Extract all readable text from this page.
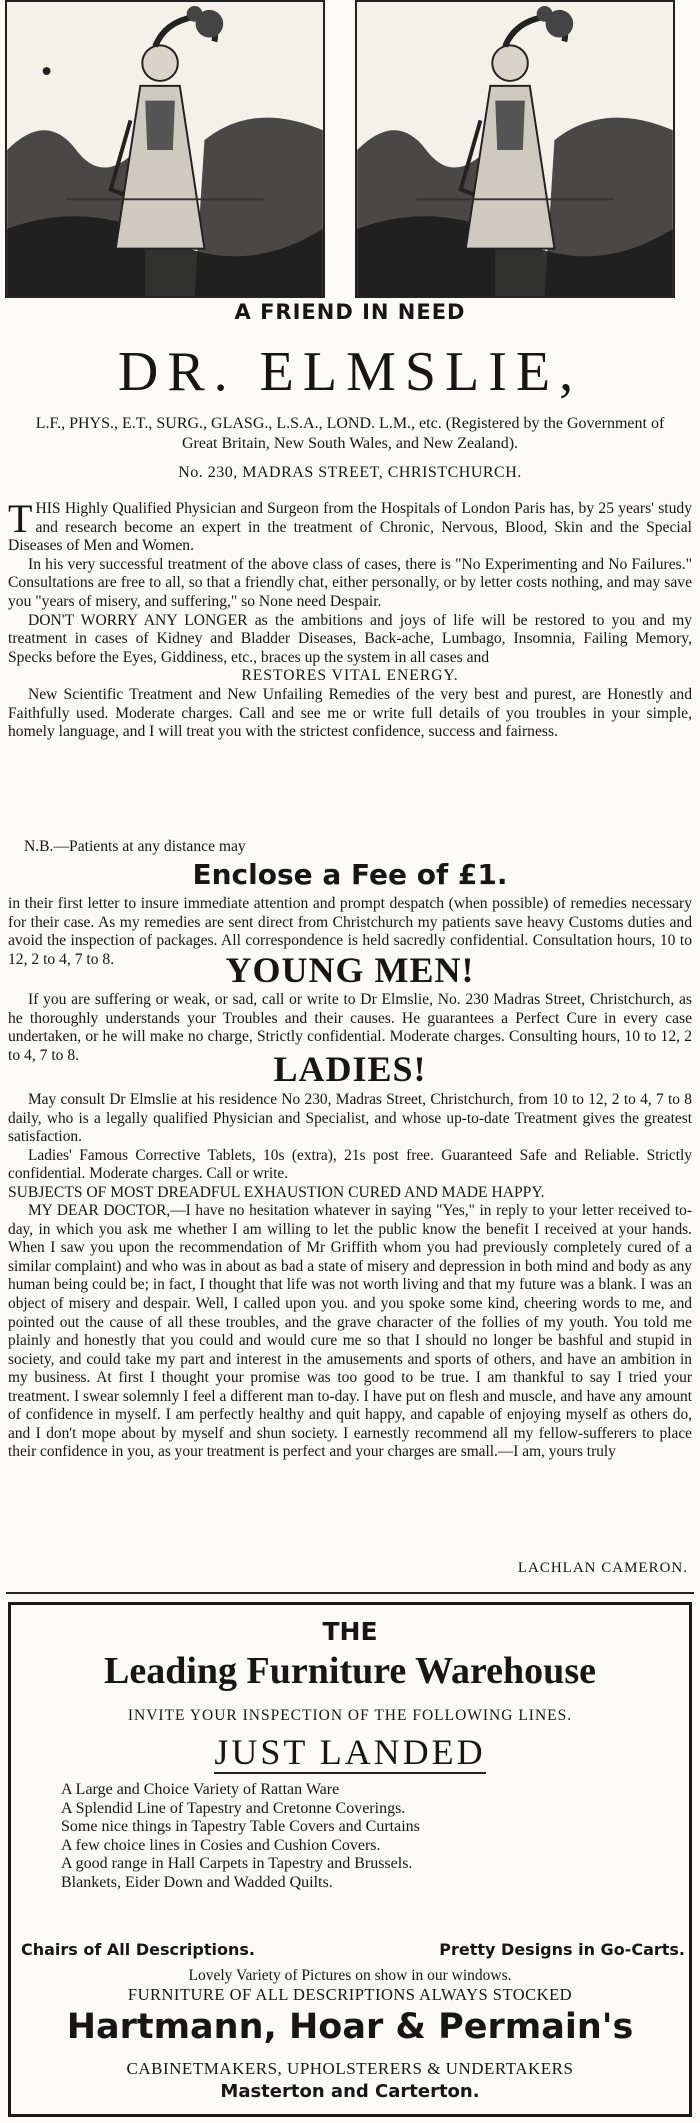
A FRIEND IN NEED
DR. ELMSLIE,
L.F., PHYS., E.T., SURG., GLASG., L.S.A., LOND. L.M., etc. (Registered by the Government of Great Britain, New South Wales, and New Zealand).
No. 230, MADRAS STREET, CHRISTCHURCH.

THIS Highly Qualified Physician and Surgeon from the Hospitals of London Paris has, by 25 years' study and research become an expert in the treatment of Chronic, Nervous, Blood, Skin and the Special Diseases of Men and Women.

In his very successful treatment of the above class of cases, there is "No Experimenting and No Failures." Consultations are free to all, so that a friendly chat, either personally, or by letter costs nothing, and may save you "years of misery, and suffering," so None need Despair.

DON'T WORRY ANY LONGER as the ambitions and joys of life will be restored to you and my treatment in cases of Kidney and Bladder Diseases, Back-ache, Lumbago, Insomnia, Failing Memory, Specks before the Eyes, Giddiness, etc., braces up the system in all cases and

RESTORES VITAL ENERGY.

New Scientific Treatment and New Unfailing Remedies of the very best and purest, are Honestly and Faithfully used. Moderate charges. Call and see me or write full details of you troubles in your simple, homely language, and I will treat you with the strictest confidence, success and fairness.

N.B.—Patients at any distance may
Enclose a Fee of £1.

in their first letter to insure immediate attention and prompt despatch (when possible) of remedies necessary for their case. As my remedies are sent direct from Christchurch my patients save heavy Customs duties and avoid the inspection of packages. All correspondence is held sacredly confidential. Consultation hours, 10 to 12, 2 to 4, 7 to 8.	YOUNG MEN!

If you are suffering or weak, or sad, call or write to Dr Elmslie, No. 230 Madras Street, Christchurch, as he thoroughly understands your Troubles and their causes. He guarantees a Perfect Cure in every case undertaken, or he will make no charge, Strictly confidential. Moderate charges. Consulting hours, 10 to 12, 2 to 4, 7 to 8.	LADIES!

May consult Dr Elmslie at his residence No 230, Madras Street, Christchurch, from 10 to 12, 2 to 4, 7 to 8 daily, who is a legally qualified Physician and Specialist, and whose up-to-date Treatment gives the greatest satisfaction.

Ladies' Famous Corrective Tablets, 10s (extra), 21s post free. Guaranteed Safe and Reliable. Strictly confidential. Moderate charges. Call or write.

SUBJECTS OF MOST DREADFUL EXHAUSTION CURED AND MADE HAPPY.

MY DEAR DOCTOR,—I have no hesitation whatever in saying "Yes," in reply to your letter received to-day, in which you ask me whether I am willing to let the public know the benefit I received at your hands. When I saw you upon the recommendation of Mr Griffith whom you had previously completely cured of a similar complaint) and who was in about as bad a state of misery and depression in both mind and body as any human being could be; in fact, I thought that life was not worth living and that my future was a blank. I was an object of misery and despair. Well, I called upon you. and you spoke some kind, cheering words to me, and pointed out the cause of all these troubles, and the grave character of the follies of my youth. You told me plainly and honestly that you could and would cure me so that I should no longer be bashful and stupid in society, and could take my part and interest in the amusements and sports of others, and have an ambition in my business. At first I thought your promise was too good to be true. I am thankful to say I tried your treatment. I swear solemnly I feel a different man to-day. I have put on flesh and muscle, and have any amount of confidence in myself. I am perfectly healthy and quit happy, and capable of enjoying myself as others do, and I don't mope about by myself and shun society. I earnestly recommend all my fellow-sufferers to place their confidence in you, as your treatment is perfect and your charges are small.—I am, yours truly

LACHLAN CAMERON.
THE
Leading Furniture Warehouse
INVITE YOUR INSPECTION OF THE FOLLOWING LINES.
JUST LANDED
A Large and Choice Variety of Rattan Ware
A Splendid Line of Tapestry and Cretonne Coverings.
Some nice things in Tapestry Table Covers and Curtains
A few choice lines in Cosies and Cushion Covers.
A good range in Hall Carpets in Tapestry and Brussels.
Blankets, Eider Down and Wadded Quilts.
Chairs of All Descriptions.	Pretty Designs in Go-Carts.
Lovely Variety of Pictures on show in our windows.
FURNITURE OF ALL DESCRIPTIONS ALWAYS STOCKED
Hartmann, Hoar & Permain's
CABINETMAKERS, UPHOLSTERERS & UNDERTAKERS
Masterton and Carterton.
